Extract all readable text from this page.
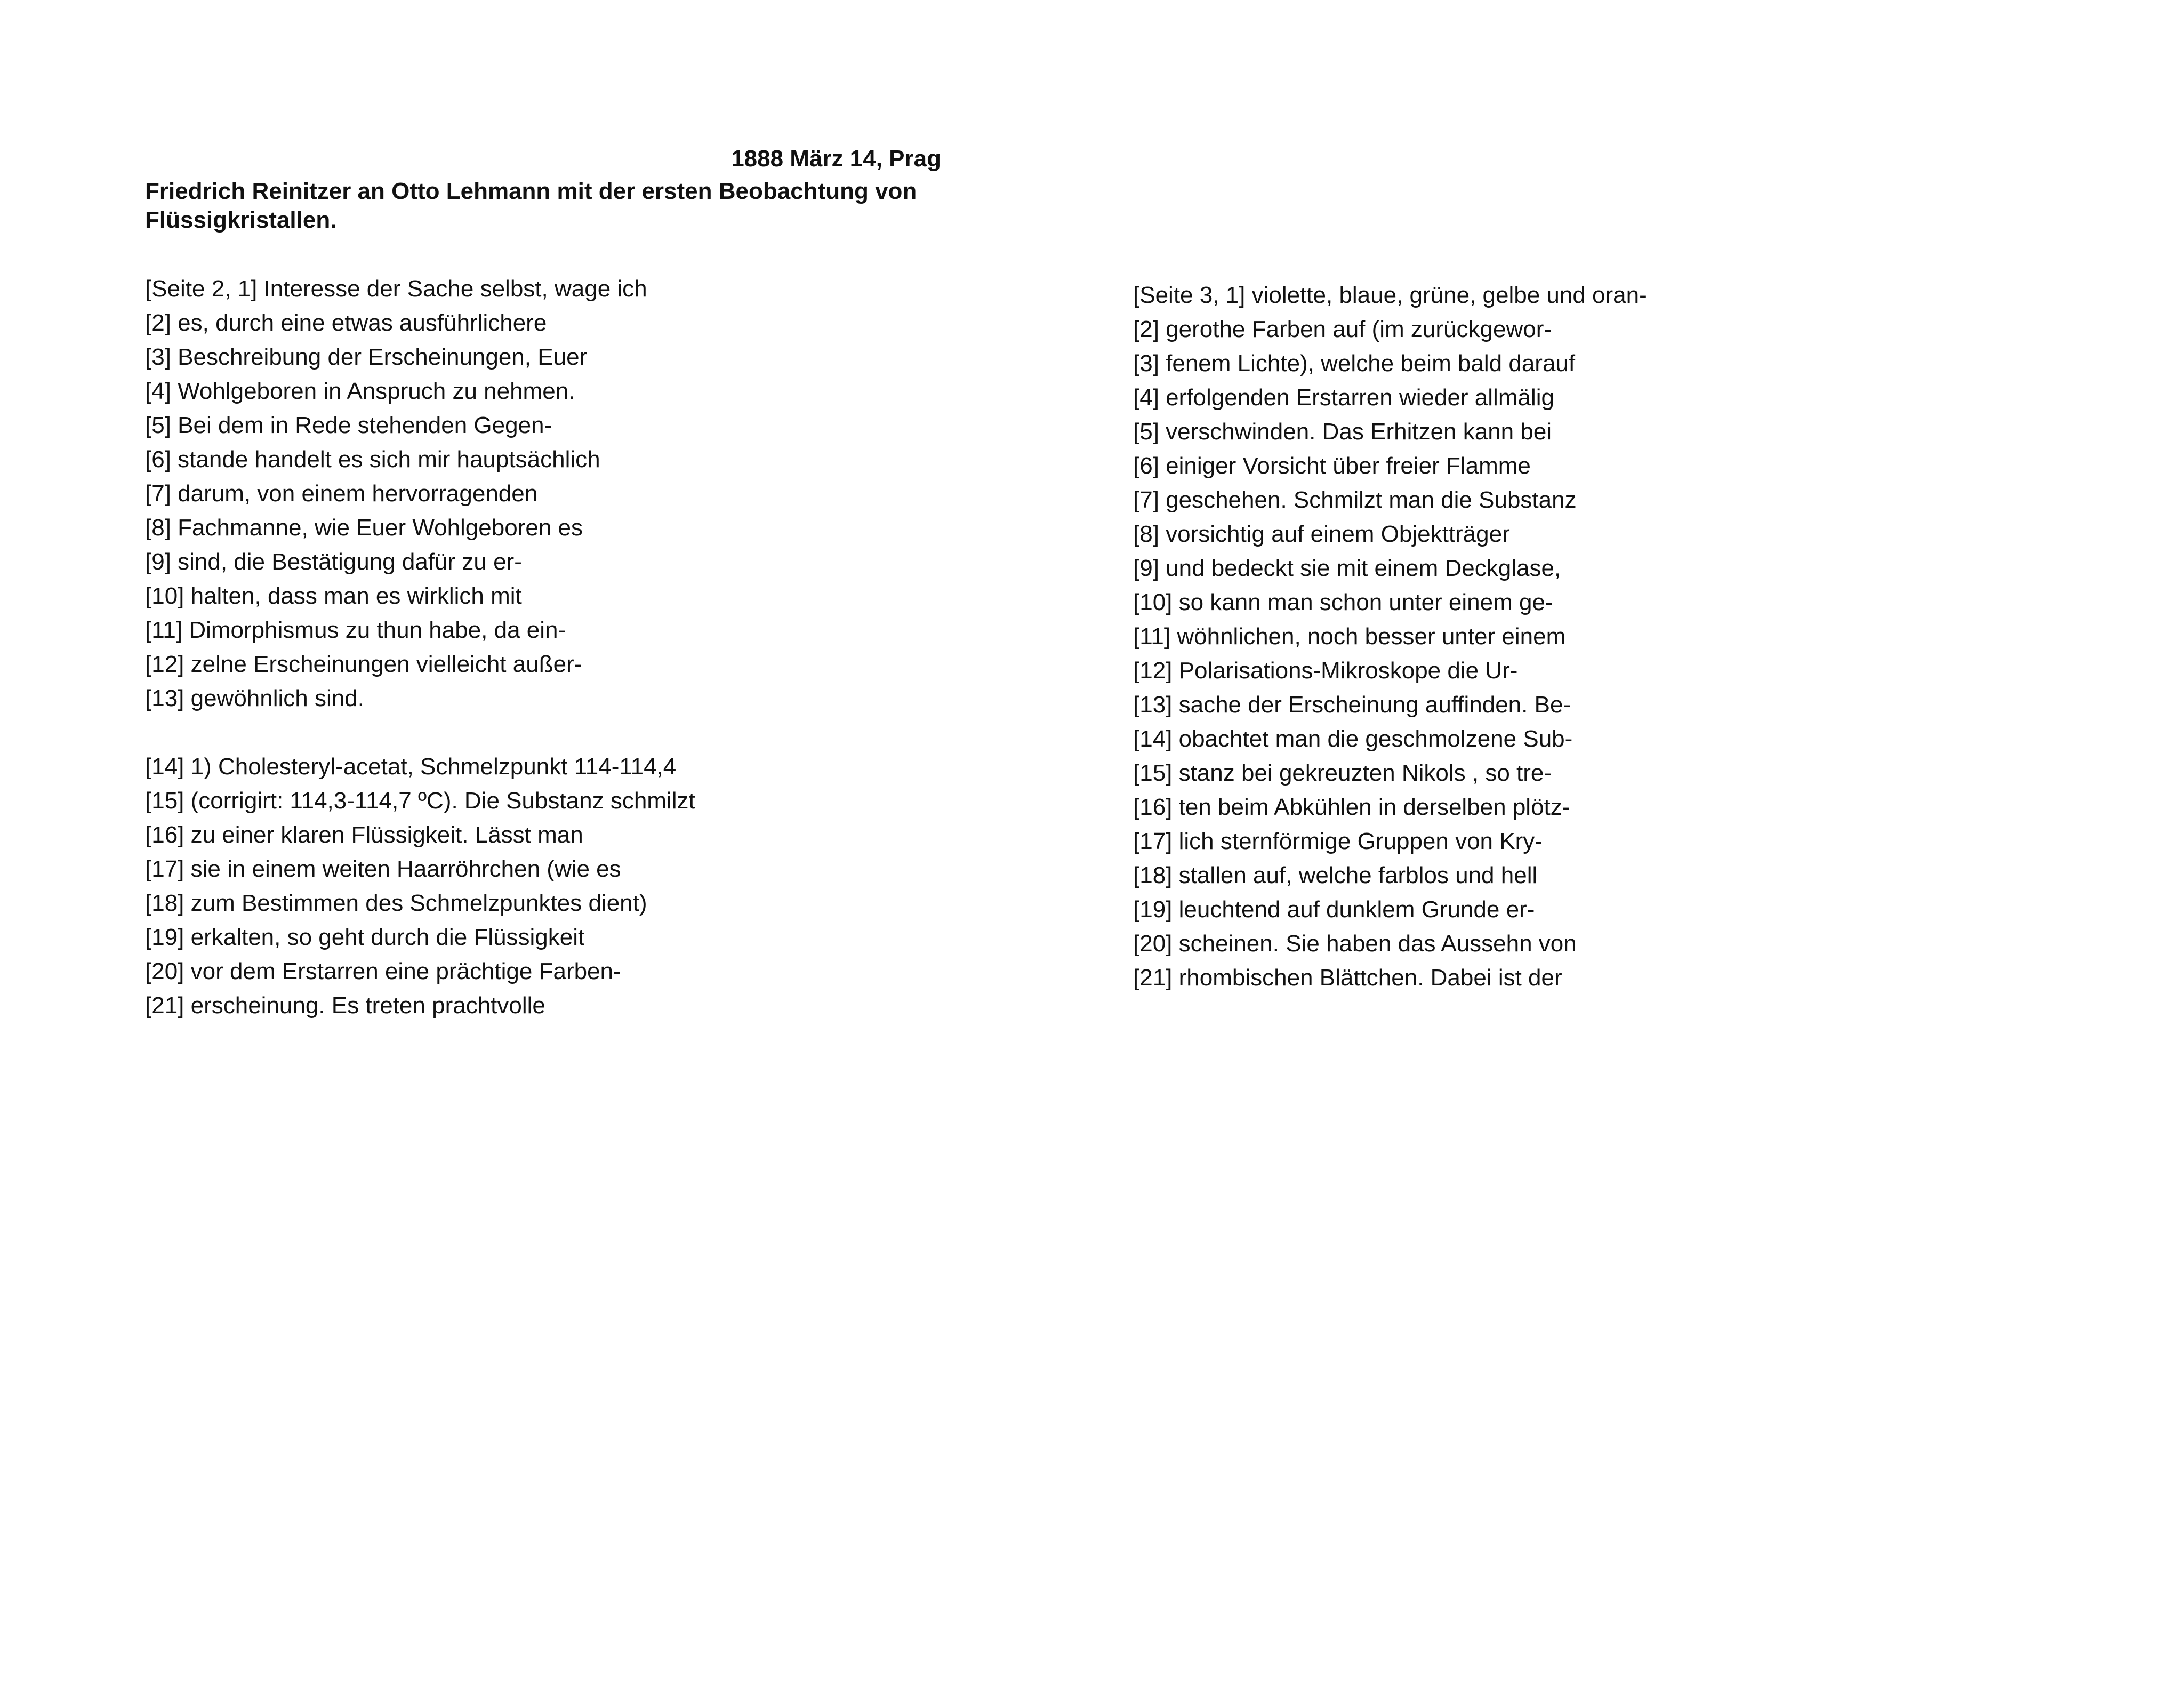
1888 März 14, Prag
Friedrich Reinitzer an Otto Lehmann mit der ersten Beobachtung von Flüssigkristallen.
[Seite 2, 1] Interesse der Sache selbst, wage ich
[2] es, durch eine etwas ausführlichere
[3] Beschreibung der Erscheinungen, Euer
[4] Wohlgeboren in Anspruch zu nehmen.
[5] Bei dem in Rede stehenden Gegen-
[6] stande handelt es sich mir hauptsächlich
[7] darum, von einem hervorragenden
[8] Fachmanne, wie Euer Wohlgeboren es
[9] sind, die Bestätigung dafür zu er-
[10] halten, dass man es wirklich mit
[11] Dimorphismus zu thun habe, da ein-
[12] zelne Erscheinungen vielleicht außer-
[13] gewöhnlich sind.
[14] 1) Cholesteryl-acetat, Schmelzpunkt 114-114,4
[15] (corrigirt: 114,3-114,7 ºC). Die Substanz schmilzt
[16] zu einer klaren Flüssigkeit. Lässt man
[17] sie in einem weiten Haarröhrchen (wie es
[18] zum Bestimmen des Schmelzpunktes dient)
[19] erkalten, so geht durch die Flüssigkeit
[20] vor dem Erstarren eine prächtige Farben-
[21] erscheinung. Es treten prachtvolle
[Seite 3, 1] violette, blaue, grüne, gelbe und oran-
[2] gerothe Farben auf (im zurückgewor-
[3] fenem Lichte), welche beim bald darauf
[4] erfolgenden Erstarren wieder allmälig
[5] verschwinden. Das Erhitzen kann bei
[6] einiger Vorsicht über freier Flamme
[7] geschehen. Schmilzt man die Substanz
[8] vorsichtig auf einem Objektträger
[9] und bedeckt sie mit einem Deckglase,
[10] so kann man schon unter einem ge-
[11] wöhnlichen, noch besser unter einem
[12] Polarisations-Mikroskope die Ur-
[13] sache der Erscheinung auffinden. Be-
[14] obachtet man die geschmolzene Sub-
[15] stanz bei gekreuzten Nikols , so tre-
[16] ten beim Abkühlen in derselben plötz-
[17] lich sternförmige Gruppen von Kry-
[18] stallen auf, welche farblos und hell
[19] leuchtend auf dunklem Grunde er-
[20] scheinen. Sie haben das Aussehn von
[21] rhombischen Blättchen. Dabei ist der
